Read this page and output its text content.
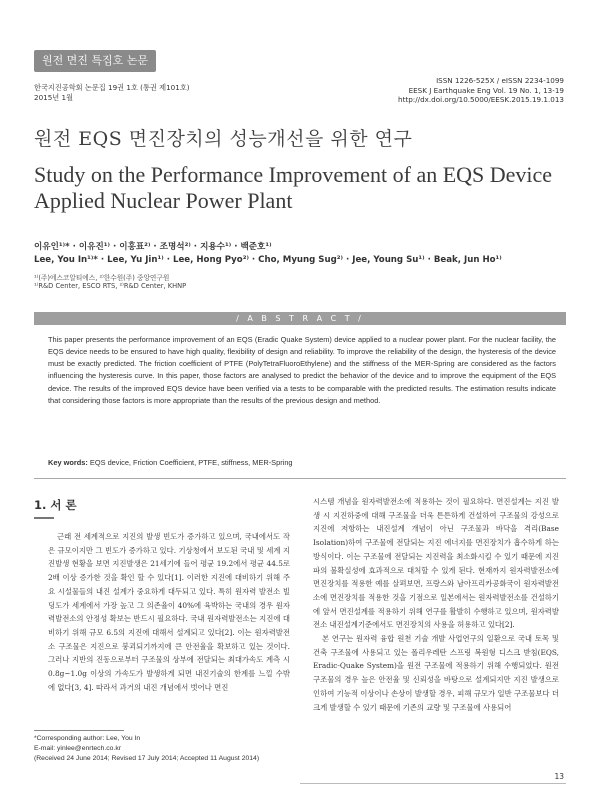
원전 면진 특집호 논문
한국지진공학회 논문집 19권 1호 (통권 제101호)
2015년 1월
ISSN 1226-525X / eISSN 2234-1099
EESK J Earthquake Eng Vol. 19 No. 1, 13-19
http://dx.doi.org/10.5000/EESK.2015.19.1.013
원전 EQS 면진장치의 성능개선을 위한 연구
Study on the Performance Improvement of an EQS Device Applied Nuclear Power Plant
이유인¹⁾* · 이유진¹⁾ · 이홍표²⁾ · 조명석²⁾ · 지용수¹⁾ · 백준호¹⁾
Lee, You In¹⁾* · Lee, Yu Jin¹⁾ · Lee, Hong Pyo²⁾ · Cho, Myung Sug²⁾ · Jee, Young Su¹⁾ · Beak, Jun Ho¹⁾
¹⁾(주)에스코알티에스, ²⁾한수원(주) 중앙연구원
¹⁾R&D Center, ESCO RTS, ²⁾R&D Center, KHNP
/ A B S T R A C T /
This paper presents the performance improvement of an EQS (Eradic Quake System) device applied to a nuclear power plant. For the nuclear facility, the EQS device needs to be ensured to have high quality, flexibility of design and reliability. To improve the reliability of the design, the hysteresis of the device must be exactly predicted. The friction coefficient of PTFE (PolyTetraFluoroEthylene) and the stiffness of the MER-Spring are considered as the factors influencing the hysteresis curve. In this paper, those factors are analysed to predict the behavior of the device and to improve the equipment of the EQS device. The results of the improved EQS device have been verified via a tests to be comparable with the predicted results. The estimation results indicate that considering those factors is more appropriate than the results of the previous design and method.
Key words: EQS device, Friction Coefficient, PTFE, stiffness, MER-Spring
1. 서 론

근래 전 세계적으로 지진의 발생 빈도가 증가하고 있으며, 국내에서도 작은 규모이지만 그 빈도가 증가하고 있다. 기상청에서 보도된 국내 및 세계 지진발생 현황을 보면 지진발생은 21세기에 들어 평균 19.2에서 평균 44.5로 2배 이상 증가한 것을 확인 할 수 있다[1]. 이러한 지진에 대비하기 위해 주요 시설물들의 내진 설계가 중요하게 대두되고 있다. 특히 원자력 발전소 빌딩도가 세계에서 가장 높고 그 의존율이 40%에 육박하는 국내의 경우 원자력발전소의 안정성 확보는 반드시 필요하다. 국내 원자력발전소는 지진에 대비하기 위해 규모 6.5의 지진에 대해서 설계되고 있다[2]. 이는 원자력발전소 구조물은 지진으로 붕괴되기까지에 큰 안전율을 확보하고 있는 것이다. 그러나 지반의 진동으로부터 구조물의 상부에 전달되는 최대가속도 계측 시 0.8g~1.0g 이상의 가속도가 발생하게 되면 내진기술의 한계를 느낄 수밖에 없다[3, 4]. 따라서 과거의 내진 개념에서 벗어나 면진

시스템 개념을 원자력발전소에 적용하는 것이 필요하다. 면진설계는 지진 발생 시 지진하중에 대해 구조물을 더욱 튼튼하게 건설하여 구조물의 강성으로 지진에 저항하는 내진설계 개념이 아닌 구조물과 바닥을 격리(Base Isolation)하여 구조물에 전달되는 지진 에너지를 면진장치가 흡수하게 하는 방식이다. 이는 구조물에 전달되는 지진력을 최소화시킬 수 있기 때문에 지진파의 불확실성에 효과적으로 대처할 수 있게 된다. 현재까지 원자력발전소에 면진장치를 적용한 예를 살펴보면, 프랑스와 남아프리카공화국이 원자력발전소에 면진장치를 적용한 것을 기점으로 일본에서는 원자력발전소를 건설하기에 앞서 면진설계를 적용하기 위해 연구를 활발히 수행하고 있으며, 원자력발전소 내진설계기준에서도 면진장치의 사용을 허용하고 있다[2].

본 연구는 원자력 융합 원천 기술 개발 사업연구의 일환으로 국내 토목 및 건축 구조물에 사용되고 있는 폴리우레탄 스프링 복원형 디스크 받침(EQS, Eradic-Quake System)을 원전 구조물에 적용하기 위해 수행되었다. 원전 구조물의 경우 높은 안전율 및 신뢰성을 바탕으로 설계되지만 지진 발생으로 인하여 기능적 이상이나 손상이 발생할 경우, 피해 규모가 일반 구조물보다 더 크게 발생할 수 있기 때문에 기존의 교량 및 구조물에 사용되어

*Corresponding author: Lee, You In
E-mail: yinlee@enrtech.co.kr
(Received 24 June 2014; Revised 17 July 2014; Accepted 11 August 2014)
13
